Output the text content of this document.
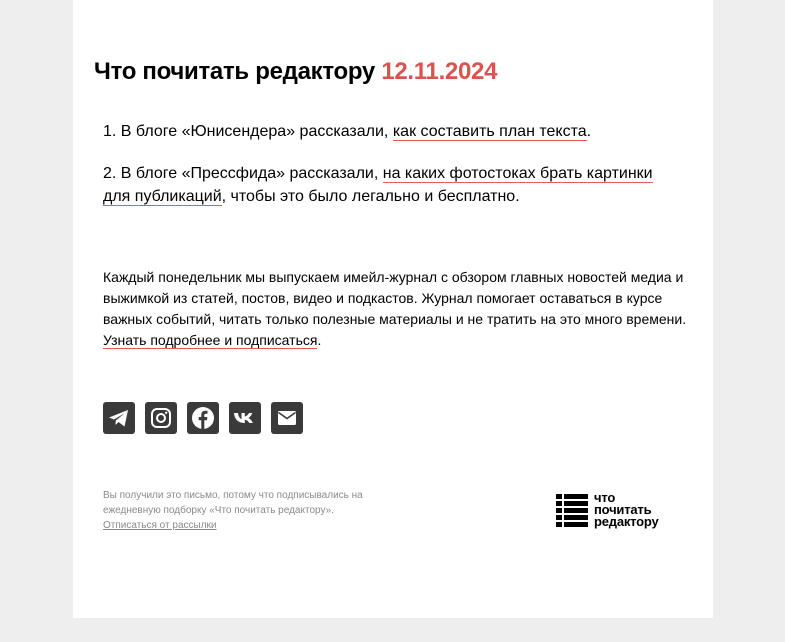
Что почитать редактору 12.11.2024

1. В блоге «Юнисендера» рассказали, как составить план текста.

2. В блоге «Прессфида» рассказали, на каких фотостоках брать картинки для публикаций, чтобы это было легально и бесплатно.

Каждый понедельник мы выпускаем имейл-журнал с обзором главных новостей медиа и выжимкой из статей, постов, видео и подкастов. Журнал помогает оставаться в курсе важных событий, читать только полезные материалы и не тратить на это много времени. Узнать подробнее и подписаться.

Вы получили это письмо, потому что подписывались на ежедневную подборку «Что почитать редактору».
Отписаться от рассылки

что
почитать
редактору
